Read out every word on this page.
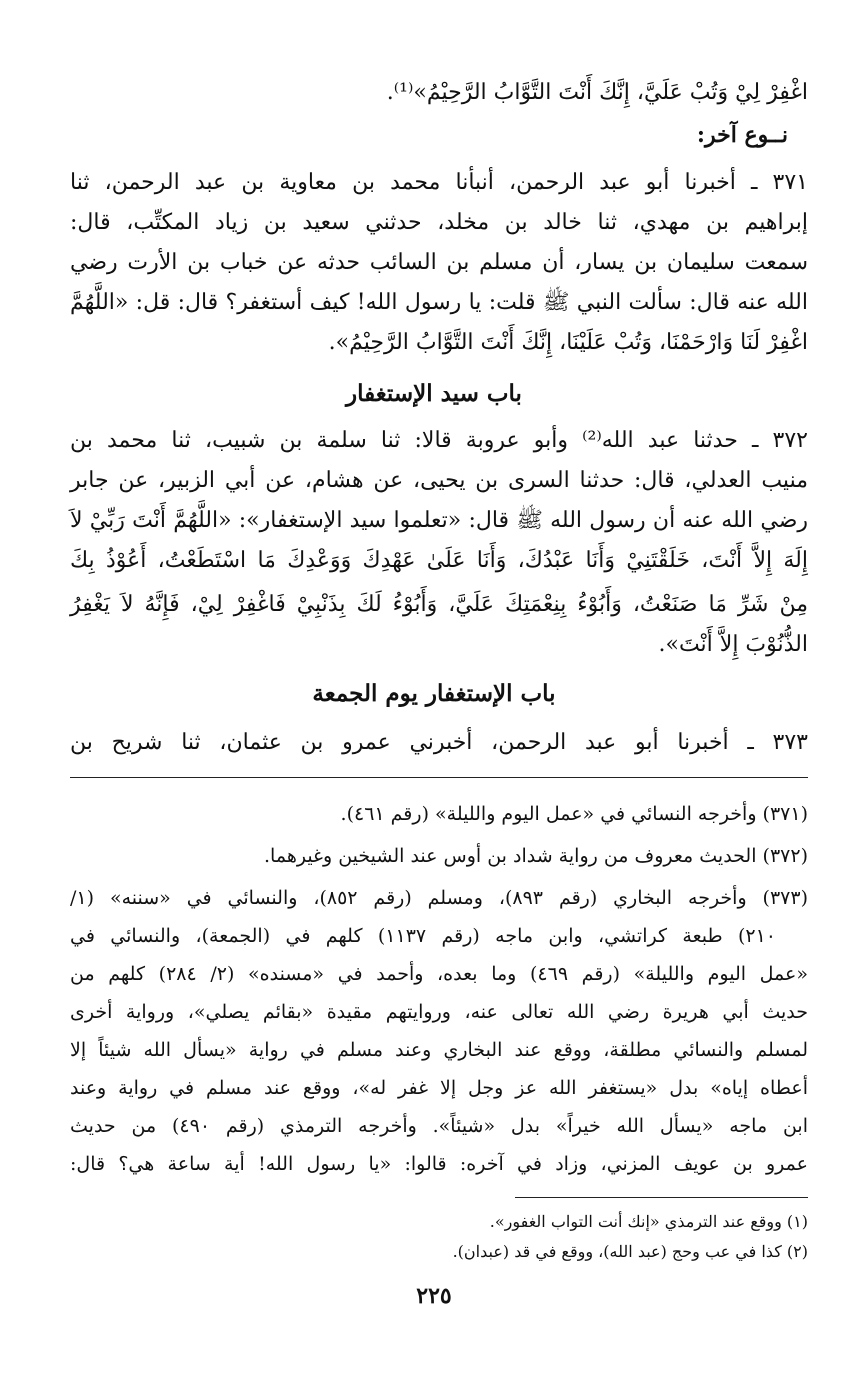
اغْفِرْ لِيْ وَتُبْ عَلَيَّ، إِنَّكَ أَنْتَ التَّوَّابُ الرَّحِيْمُ»⁽¹⁾.
نــوع آخر:
٣٧١ ـ أخبرنا أبو عبد الرحمن، أنبأنا محمد بن معاوية بن عبد الرحمن، ثنا
إبراهيم بن مهدي، ثنا خالد بن مخلد، حدثني سعيد بن زياد المكتِّب، قال:
سمعت سليمان بن يسار، أن مسلم بن السائب حدثه عن خباب بن الأرت رضي
الله عنه قال: سألت النبي ﷺ قلت: يا رسول الله! كيف أستغفر؟ قال: قل: «اللَّهُمَّ
اغْفِرْ لَنَا وَارْحَمْنَا، وَتُبْ عَلَيْنَا، إِنَّكَ أَنْتَ التَّوَّابُ الرَّحِيْمُ».
باب سيد الإستغفار
٣٧٢ ـ حدثنا عبد الله⁽²⁾ وأبو عروبة قالا: ثنا سلمة بن شبيب، ثنا محمد بن
منيب العدلي، قال: حدثنا السرى بن يحيى، عن هشام، عن أبي الزبير، عن جابر
رضي الله عنه أن رسول الله ﷺ قال: «تعلموا سيد الإستغفار»: «اللَّهُمَّ أَنْتَ رَبِّيْ لاَ
إِلَهَ إِلاَّ أَنْتَ، خَلَقْتَنِيْ وَأَنَا عَبْدُكَ، وَأَنَا عَلَىٰ عَهْدِكَ وَوَعْدِكَ مَا اسْتَطَعْتُ، أَعُوْذُ بِكَ
مِنْ شَرِّ مَا صَنَعْتُ، وَأَبُوْءُ بِنِعْمَتِكَ عَلَيَّ، وَأَبُوْءُ لَكَ بِذَنْبِيْ فَاغْفِرْ لِيْ، فَإِنَّهُ لاَ يَغْفِرُ
الذُّنُوْبَ إِلاَّ أَنْتَ».
باب الإستغفار يوم الجمعة
٣٧٣ ـ أخبرنا أبو عبد الرحمن، أخبرني عمرو بن عثمان، ثنا شريح بن
(٣٧١) وأخرجه النسائي في «عمل اليوم والليلة» (رقم ٤٦١).
(٣٧٢) الحديث معروف من رواية شداد بن أوس عند الشيخين وغيرهما.
(٣٧٣) وأخرجه البخاري (رقم ٨٩٣)، ومسلم (رقم ٨٥٢)، والنسائي في «سننه» (١/
٢١٠) طبعة كراتشي، وابن ماجه (رقم ١١٣٧) كلهم في (الجمعة)، والنسائي في
«عمل اليوم والليلة» (رقم ٤٦٩) وما بعده، وأحمد في «مسنده» (٢/ ٢٨٤) كلهم من
حديث أبي هريرة رضي الله تعالى عنه، وروايتهم مقيدة «بقائم يصلي»، ورواية أخرى
لمسلم والنسائي مطلقة، ووقع عند البخاري وعند مسلم في رواية «يسأل الله شيئاً إلا
أعطاه إياه» بدل «يستغفر الله عز وجل إلا غفر له»، ووقع عند مسلم في رواية وعند
ابن ماجه «يسأل الله خيراً» بدل «شيئاً». وأخرجه الترمذي (رقم ٤٩٠) من حديث
عمرو بن عويف المزني، وزاد في آخره: قالوا: «يا رسول الله! أية ساعة هي؟ قال:
(١) ووقع عند الترمذي «إنك أنت التواب الغفور».
(٢) كذا في عب وحج (عبد الله)، ووقع في قد (عبدان).
٢٢٥
